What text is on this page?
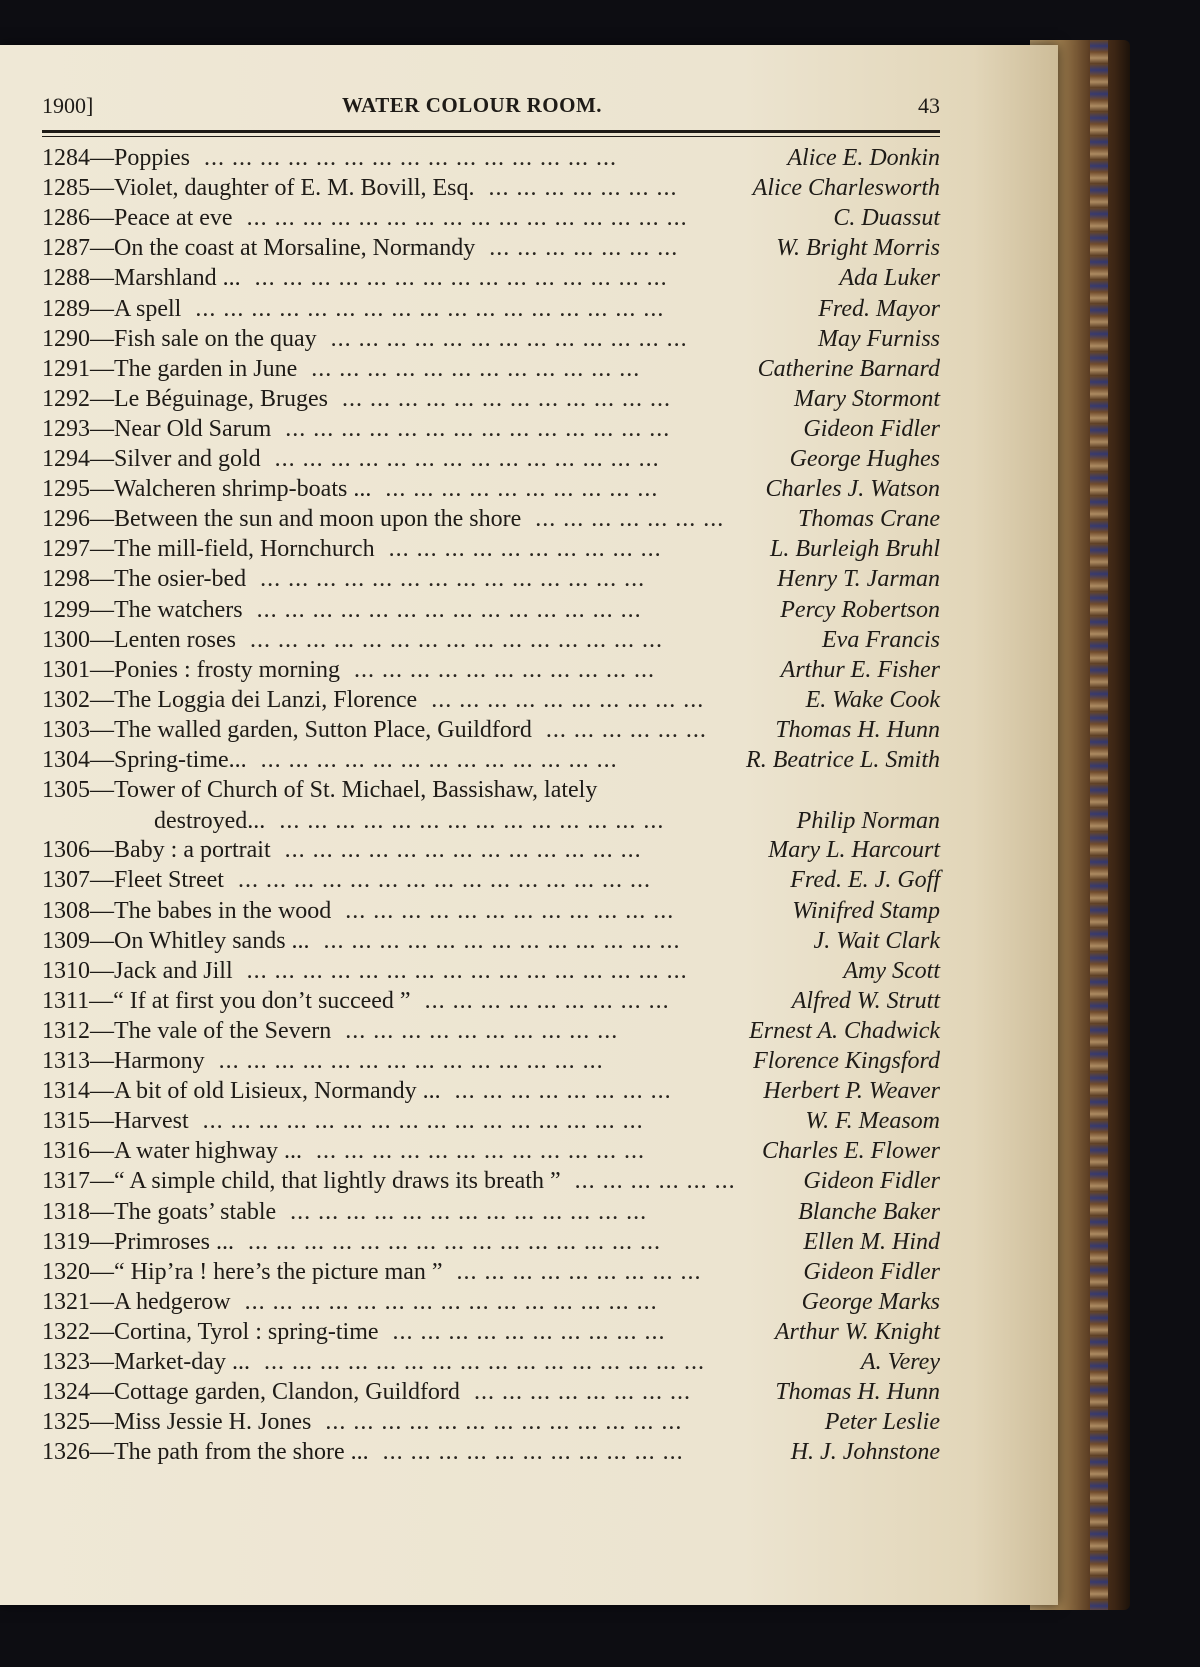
1900]	WATER COLOUR ROOM.	43
1284—Poppies ... ... ... ... ... ... ... ... ... ... ... ... ... ... ...	Alice E. Donkin
1285—Violet, daughter of E. M. Bovill, Esq. ... ... ... ... ... ... ...	Alice Charlesworth
1286—Peace at eve ... ... ... ... ... ... ... ... ... ... ... ... ... ... ... ...	C. Duassut
1287—On the coast at Morsaline, Normandy ... ... ... ... ... ... ...	W. Bright Morris
1288—Marshland ... ... ... ... ... ... ... ... ... ... ... ... ... ... ... ...	Ada Luker
1289—A spell ... ... ... ... ... ... ... ... ... ... ... ... ... ... ... ... ...	Fred. Mayor
1290—Fish sale on the quay ... ... ... ... ... ... ... ... ... ... ... ... ...	May Furniss
1291—The garden in June ... ... ... ... ... ... ... ... ... ... ... ...	Catherine Barnard
1292—Le Béguinage, Bruges ... ... ... ... ... ... ... ... ... ... ... ...	Mary Stormont
1293—Near Old Sarum ... ... ... ... ... ... ... ... ... ... ... ... ... ...	Gideon Fidler
1294—Silver and gold ... ... ... ... ... ... ... ... ... ... ... ... ... ...	George Hughes
1295—Walcheren shrimp-boats ... ... ... ... ... ... ... ... ... ... ...	Charles J. Watson
1296—Between the sun and moon upon the shore ... ... ... ... ... ... ...	Thomas Crane
1297—The mill-field, Hornchurch ... ... ... ... ... ... ... ... ... ...	L. Burleigh Bruhl
1298—The osier-bed ... ... ... ... ... ... ... ... ... ... ... ... ... ...	Henry T. Jarman
1299—The watchers ... ... ... ... ... ... ... ... ... ... ... ... ... ...	Percy Robertson
1300—Lenten roses ... ... ... ... ... ... ... ... ... ... ... ... ... ... ...	Eva Francis
1301—Ponies : frosty morning ... ... ... ... ... ... ... ... ... ... ...	Arthur E. Fisher
1302—The Loggia dei Lanzi, Florence ... ... ... ... ... ... ... ... ... ...	E. Wake Cook
1303—The walled garden, Sutton Place, Guildford ... ... ... ... ... ...	Thomas H. Hunn
1304—Spring-time... ... ... ... ... ... ... ... ... ... ... ... ... ...	R. Beatrice L. Smith
1305—Tower of Church of St. Michael, Bassishaw, lately
destroyed... ... ... ... ... ... ... ... ... ... ... ... ... ... ...	Philip Norman
1306—Baby : a portrait ... ... ... ... ... ... ... ... ... ... ... ... ...	Mary L. Harcourt
1307—Fleet Street ... ... ... ... ... ... ... ... ... ... ... ... ... ... ...	Fred. E. J. Goff
1308—The babes in the wood ... ... ... ... ... ... ... ... ... ... ... ...	Winifred Stamp
1309—On Whitley sands ... ... ... ... ... ... ... ... ... ... ... ... ... ...	J. Wait Clark
1310—Jack and Jill ... ... ... ... ... ... ... ... ... ... ... ... ... ... ... ...	Amy Scott
1311—“ If at first you don’t succeed ” ... ... ... ... ... ... ... ... ...	Alfred W. Strutt
1312—The vale of the Severn ... ... ... ... ... ... ... ... ... ...	Ernest A. Chadwick
1313—Harmony ... ... ... ... ... ... ... ... ... ... ... ... ... ...	Florence Kingsford
1314—A bit of old Lisieux, Normandy ... ... ... ... ... ... ... ... ...	Herbert P. Weaver
1315—Harvest ... ... ... ... ... ... ... ... ... ... ... ... ... ... ... ...	W. F. Measom
1316—A water highway ... ... ... ... ... ... ... ... ... ... ... ... ...	Charles E. Flower
1317—“ A simple child, that lightly draws its breath ” ... ... ... ... ... ...	Gideon Fidler
1318—The goats’ stable ... ... ... ... ... ... ... ... ... ... ... ... ...	Blanche Baker
1319—Primroses ... ... ... ... ... ... ... ... ... ... ... ... ... ... ... ...	Ellen M. Hind
1320—“ Hip’ra ! here’s the picture man ” ... ... ... ... ... ... ... ... ...	Gideon Fidler
1321—A hedgerow ... ... ... ... ... ... ... ... ... ... ... ... ... ... ...	George Marks
1322—Cortina, Tyrol : spring-time ... ... ... ... ... ... ... ... ... ...	Arthur W. Knight
1323—Market-day ... ... ... ... ... ... ... ... ... ... ... ... ... ... ... ... ...	A. Verey
1324—Cottage garden, Clandon, Guildford ... ... ... ... ... ... ... ...	Thomas H. Hunn
1325—Miss Jessie H. Jones ... ... ... ... ... ... ... ... ... ... ... ... ...	Peter Leslie
1326—The path from the shore ... ... ... ... ... ... ... ... ... ... ... ...	H. J. Johnstone
